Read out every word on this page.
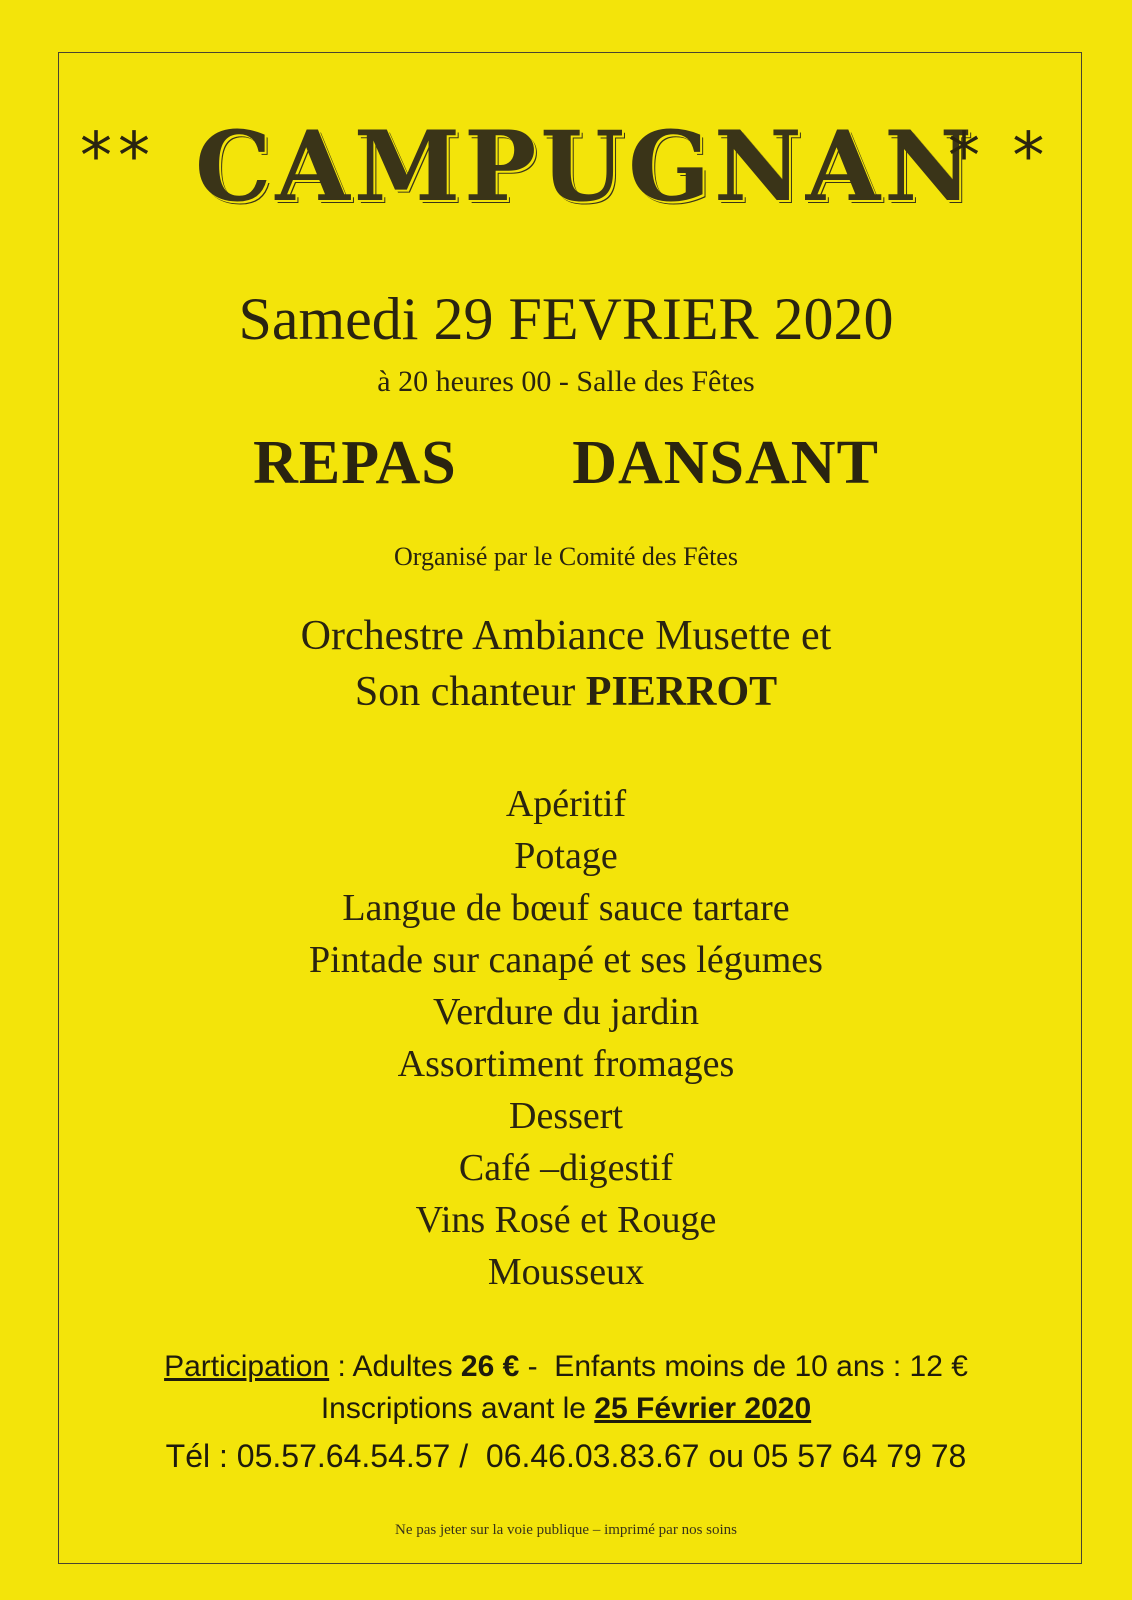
** CAMPUGNAN
* *
Samedi 29 FEVRIER 2020
à 20 heures 00 - Salle des Fêtes
REPAS   DANSANT
Organisé par le Comité des Fêtes
Orchestre Ambiance Musette et
Son chanteur PIERROT
Apéritif
Potage
Langue de bœuf sauce tartare
Pintade sur canapé et ses légumes
Verdure du jardin
Assortiment fromages
Dessert
Café –digestif
Vins Rosé et Rouge
Mousseux
Participation : Adultes 26 € -  Enfants moins de 10 ans : 12 €
Inscriptions avant le 25 Février 2020
Tél : 05.57.64.54.57 /  06.46.03.83.67 ou 05 57 64 79 78
Ne pas jeter sur la voie publique – imprimé par nos soins
